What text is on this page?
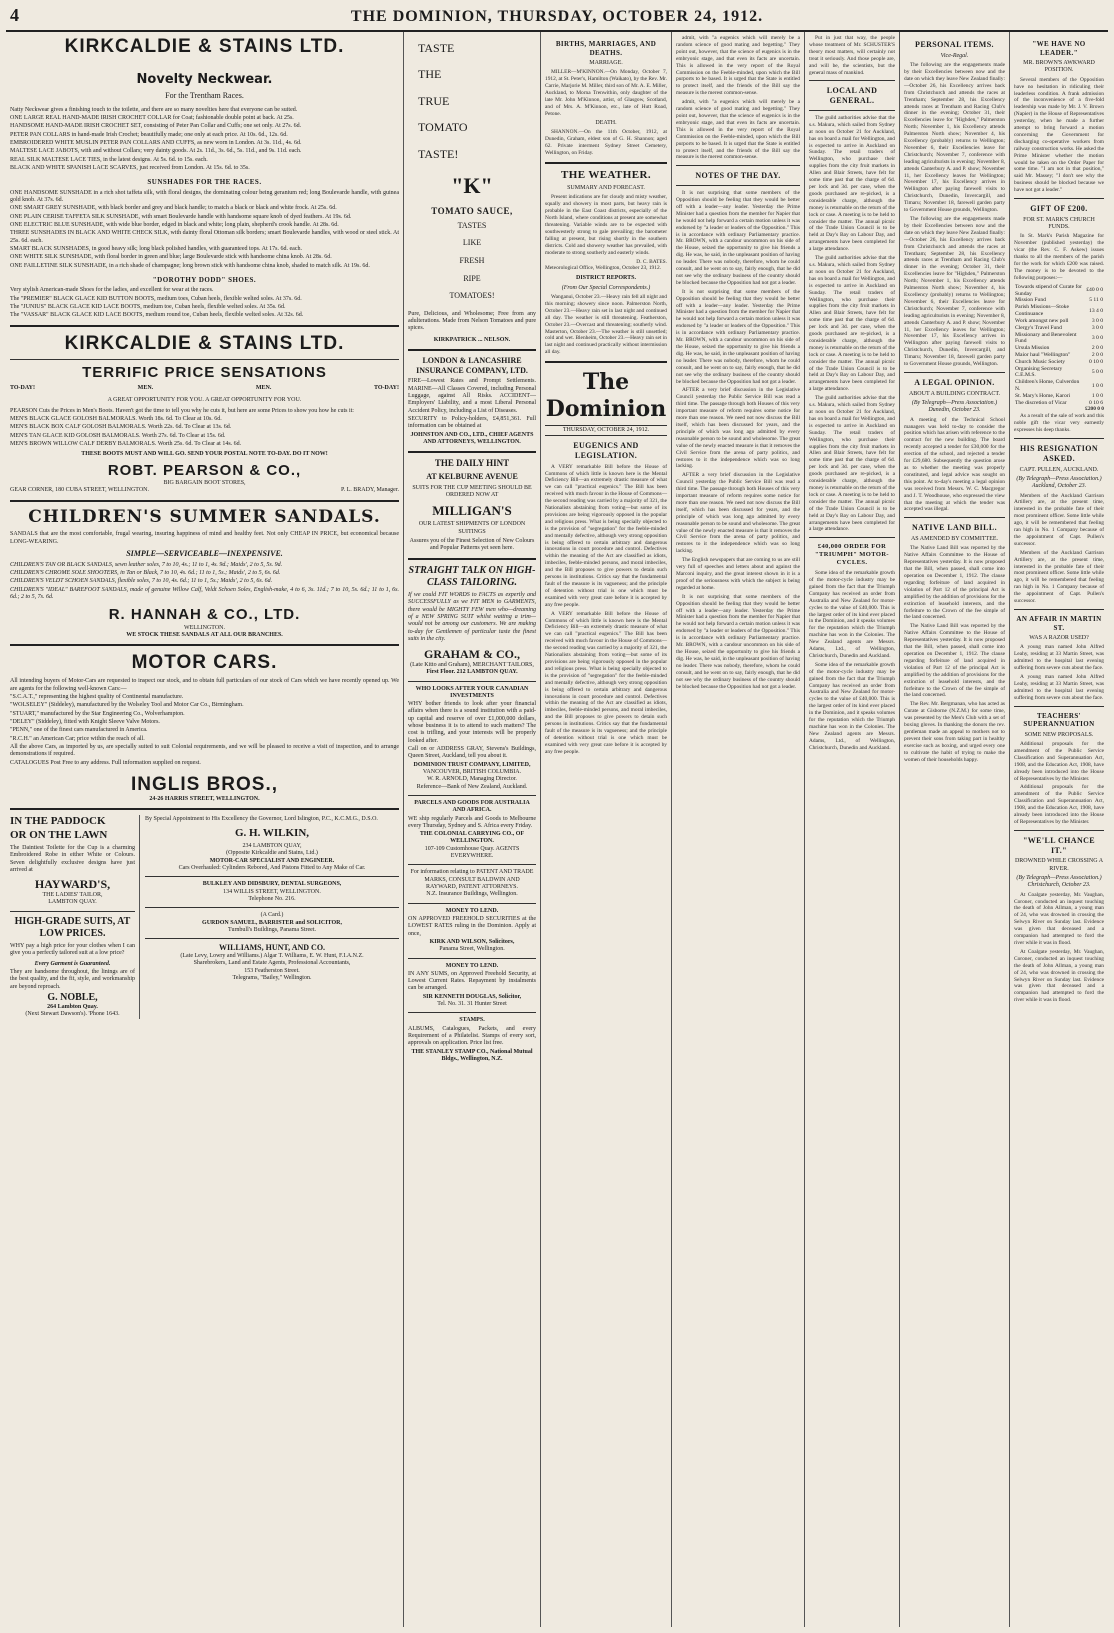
4	THE DOMINION, THURSDAY, OCTOBER 24, 1912.
KIRKCALDIE & STAINS LTD.
Novelty Neckwear.
For the Trentham Races.
Natty Neckwear gives a finishing touch to the toilette, and there are so many novelties here that everyone can be suited.
ONE LARGE REAL HAND-MADE IRISH CROCHET COLLAR for Coat; fashionable double point at back. At 25s.
HANDSOME HAND-MADE IRISH CROCHET SET, consisting of Peter Pan Collar and Cuffs; one set only. At 27s. 6d.
PETER PAN COLLARS in hand-made Irish Crochet; beautifully made; one only at each price. At 10s. 6d., 12s. 6d.
EMBROIDERED WHITE MUSLIN PETER PAN COLLARS AND CUFFS, as new worn in London. At 3s. 11d., 4s. 6d.
MALTESE LACE JABOTS, with and without Collars; very dainty goods. At 2s. 11d., 3s. 6d., 5s. 11d., and 9s. 11d. each.
REAL SILK MALTESE LACE TIES, in the latest designs. At 5s. 6d. to 15s. each.
BLACK AND WHITE SPANISH LACE SCARVES, just received from London. At 15s. 6d. to 35s.
SUNSHADES FOR THE RACES.
ONE HANDSOME SUNSHADE in a rich shot taffeta silk, with floral designs, the dominating colour being geranium red; long Boulevarde handle, with guinea gold knob. At 37s. 6d.
ONE SMART GREY SUNSHADE, with black border and grey and black handle; to match a black or black and white frock. At 25s. 6d.
ONE PLAIN CERISE TAFFETA SILK SUNSHADE, with smart Boulevarde handle with handsome square knob of dyed feathers. At 19s. 6d.
ONE ELECTRIC BLUE SUNSHADE, with wide blue border, edged in black and white; long plain, shepherd's crook handle. At 28s. 6d.
THREE SUNSHADES IN BLACK AND WHITE CHECK SILK, with dainty floral Ottoman silk borders; smart Boulevarde handles, with wood or steel stick. At 25s. 6d. each.
SMART BLACK SUNSHADES, in good heavy silk; long black polished handles, with guaranteed tops. At 17s. 6d. each.
ONE WHITE SILK SUNSHADE, with floral border in green and blue; large Boulevarde stick with handsome china knob. At 28s. 6d.
ONE FAILLETINE SILK SUNSHADE, in a rich shade of champagne; long brown stick with handsome china knob, shaded to match silk. At 19s. 6d.
"DOROTHY DODD" SHOES.
Very stylish American-made Shoes for the ladies, and excellent for wear at the races.
The "PREMIER" BLACK GLACE KID BUTTON BOOTS, medium toes, Cuban heels, flexible welted soles. At 37s. 6d.
The "JUNIUS" BLACK GLACE KID LACE BOOTS, medium toe, Cuban heels, flexible welted soles. At 35s. 6d.
The "VASSAR" BLACK GLACE KID LACE BOOTS, medium round toe, Cuban heels, flexible welted soles. At 32s. 6d.
KIRKCALDIE & STAINS LTD.
TERRIFIC PRICE SENSATIONS
TO-DAY!	MEN.	MEN.	TO-DAY!
A GREAT OPPORTUNITY FOR YOU. A GREAT OPPORTUNITY FOR YOU.
PEARSON Cuts the Prices in Men's Boots. Haven't got the time to tell you why he cuts it, but here are some Prices to show you how he cuts it:
MEN'S BLACK GLACE GOLOSH BALMORALS. Worth 18s. 6d. To Clear at 10s. 6d.
MEN'S BLACK BOX CALF GOLOSH BALMORALS. Worth 22s. 6d. To Clear at 13s. 6d.
MEN'S TAN GLACE KID GOLOSH BALMORALS. Worth 27s. 6d. To Clear at 15s. 6d.
MEN'S BROWN WILLOW CALF DERBY BALMORALS. Worth 25s. 6d. To Clear at 14s. 6d.
THESE BOOTS MUST AND WILL GO. SEND YOUR POSTAL NOTE TO-DAY. DO IT NOW!
ROBT. PEARSON & CO.,
BIG BARGAIN BOOT STORES,
GEAR CORNER, 180 CUBA STREET, WELLINGTON.	P. L. BRADY, Manager.
CHILDREN'S SUMMER SANDALS.
SANDALS that are the most comfortable, frugal wearing, insuring happiness of mind and healthy feet. Not only CHEAP IN PRICE, but economical because LONG-WEARING.
SIMPLE—SERVICEABLE—INEXPENSIVE.
CHILDREN'S TAN OR BLACK SANDALS, sewn leather soles, 7 to 10, 4s.; 11 to 1, 4s. 9d.; Maids', 2 to 5, 5s. 9d.
CHILDREN'S CHROME SOLE SHOOTERS, in Tan or Black, 7 to 10, 4s. 6d.; 11 to 1, 5s.; Maids', 2 to 5, 6s. 6d.
CHILDREN'S VELDT SCHOEN SANDALS, flexible soles, 7 to 10, 4s. 6d.; 11 to 1, 5s.; Maids', 2 to 5, 6s. 6d.
CHILDREN'S "IDEAL" BAREFOOT SANDALS, made of genuine Willow Calf, Veldt Schoen Soles, English-make, 4 to 6, 3s. 11d.; 7 to 10, 5s. 6d.; 11 to 1, 6s. 6d.; 2 to 5, 7s. 6d.
R. HANNAH & CO., LTD.
WELLINGTON.
WE STOCK THESE SANDALS AT ALL OUR BRANCHES.
MOTOR CARS.
All intending buyers of Motor-Cars are requested to inspect our stock, and to obtain full particulars of our stock of Cars which we have recently opened up. We are agents for the following well-known Cars:—
"S.C.A.T.," representing the highest quality of Continental manufacture.
"WOLSELEY" (Siddeley), manufactured by the Wolseley Tool and Motor Car Co., Birmingham.
"STUART," manufactured by the Star Engineering Co., Wolverhampton.
"DELEY" (Siddeley), fitted with Knight Sleeve Valve Motors.
"PENN," one of the finest cars manufactured in America.
"R.C.H." an American Car; price within the reach of all.
All the above Cars, as imported by us, are specially suited to suit Colonial requirements, and we will be pleased to receive a visit of inspection, and to arrange demonstrations if required.
CATALOGUES Post Free to any address. Full information supplied on request.
INGLIS BROS.,
24-26 HARRIS STREET, WELLINGTON.
IN THE PADDOCK
OR ON THE LAWN
The Daintiest Toilette for the Cup is a charming Embroidered Robe in either White or Colours. Seven delightfully exclusive designs have just arrived at
HAYWARD'S,
THE LADIES' TAILOR,
LAMBTON QUAY.
HIGH-GRADE SUITS, AT LOW PRICES.
WHY pay a high price for your clothes when I can give you a perfectly tailored suit at a low price?
Every Garment is Guaranteed.
They are handsome throughout, the linings are of the best quality, and the fit, style, and workmanship are beyond reproach.
G. NOBLE,
264 Lambton Quay.
(Next Stewart Dawson's). 'Phone 1643.
By Special Appointment to His Excellency the Governor, Lord Islington, P.C., K.C.M.G., D.S.O.
G. H. WILKIN,
234 LAMBTON QUAY,
(Opposite Kirkcaldie and Stains, Ltd.)
MOTOR-CAR SPECIALIST AND ENGINEER.
Cars Overhauled: Cylinders Rebored, And Pistons Fitted to Any Make of Car.
BULKLEY AND DIDSBURY, DENTAL SURGEONS,
134 WILLIS STREET, WELLINGTON.
Telephone No. 216.
(A Card.)
GURDON SAMUEL, BARRISTER and SOLICITOR,
Turnbull's Buildings, Panama Street.
WILLIAMS, HUNT, AND CO.
(Late Levy, Lowry and Williams.) Algar T. Williams, E. W. Hunt, F.I.A.N.Z.
Sharebrokers, Land and Estate Agents, Professional Accountants,
153 Featherston Street.
Telegrams, "Bailey," Wellington.
TASTE
THE
TRUE
TOMATO
TASTE!
"K"
TOMATO SAUCE,
TASTES
LIKE
FRESH
RIPE
TOMATOES!
Pure, Delicious, and Wholesome; Free from any adulterations. Made from Nelson Tomatoes and pure spices.
KIRKPATRICK ... NELSON.
LONDON & LANCASHIRE INSURANCE COMPANY, LTD.
FIRE—Lowest Rates and Prompt Settlements. MARINE—All Classes Covered, including Personal Luggage, against All Risks. ACCIDENT—Employers' Liability, and a most Liberal Personal Accident Policy, including a List of Diseases.
SECURITY to Policy-holders, £4,851,361. Full information can be obtained at
JOHNSTON AND CO., LTD., CHIEF AGENTS AND ATTORNEYS, WELLINGTON.
THE DAILY HINT
AT KELBURNE AVENUE
SUITS FOR THE CUP MEETING SHOULD BE ORDERED NOW AT
MILLIGAN'S
OUR LATEST SHIPMENTS OF LONDON SUITINGS
Assures you of the Finest Selection of New Colours and Popular Patterns yet seen here.
STRAIGHT TALK ON HIGH-CLASS TAILORING.
If we could FIT WORDS to FACTS as expertly and SUCCESSFULLY as we FIT MEN to GARMENTS, there would be MIGHTY FEW men who—dreaming of a NEW SPRING SUIT whilst waiting a trim—would not be among our customers. We are making to-day for Gentlemen of particular taste the finest suits in the city.
GRAHAM & CO.,
(Late Kitto and Graham), MERCHANT TAILORS,
First Floor. 212 LAMBTON QUAY.
WHO LOOKS AFTER YOUR CANADIAN INVESTMENTS
WHY bother friends to look after your financial affairs when there is a sound institution with a paid-up capital and reserve of over £1,000,000 dollars, whose business it is to attend to such matters? The cost is trifling, and your interests will be properly looked after.
Call on or ADDRESS GRAY, Stevens's Buildings, Queen Street, Auckland, tell you about it.
DOMINION TRUST COMPANY, LIMITED,
VANCOUVER, BRITISH COLUMBIA.
W. R. ARNOLD, Managing Director.
Reference—Bank of New Zealand, Auckland.
PARCELS AND GOODS FOR AUSTRALIA AND AFRICA.
WE ship regularly Parcels and Goods to Melbourne every Thursday, Sydney and S. Africa every Friday.
THE COLONIAL CARRYING CO., OF WELLINGTON.
107-109 Customhouse Quay. AGENTS EVERYWHERE.
For information relating to PATENT AND TRADE MARKS, CONSULT BALDWIN AND RAYWARD, PATENT ATTORNEYS.
N.Z. Insurance Buildings, Wellington.
MONEY TO LEND.
ON APPROVED FREEHOLD SECURITIES at the LOWEST RATES ruling in the Dominion. Apply at once,
KIRK AND WILSON, Solicitors,
Panama Street, Wellington.
MONEY TO LEND.
IN ANY SUMS, on Approved Freehold Security, at Lowest Current Rates. Repayment by instalments can be arranged.
SIR KENNETH DOUGLAS, Solicitor,
Tel. No. 31. 31 Hunter Street
STAMPS.
ALBUMS, Catalogues, Packets, and every Requirement of a Philatelist. Stamps of every sort, approvals on application. Price list free.
THE STANLEY STAMP CO., National Mutual Bldgs., Wellington, N.Z.
BIRTHS, MARRIAGES, AND DEATHS.
MARRIAGE.
MILLER—M'KINNON.—On Monday, October 7, 1912, at St. Peter's, Hamilton (Waikato), by the Rev. Mr. Carrie, Marjorie M. Miller, third son of Mr. A. E. Miller, Auckland, to Morna Trenwithin, only daughter of the late Mr. John M'Kinnon, artist, of Glasgow, Scotland, and of Mrs. A. M'Kinnon, etc., late of Hutt Road, Petone.
DEATH.
SHANNON.—On the 11th October, 1912, at Dunedin, Graham, eldest son of G. H. Shannon; aged 62. Private interment Sydney Street Cemetery, Wellington, on Friday.
THE WEATHER.
SUMMARY AND FORECAST.
Present indications are for cloudy and misty weather, squally and showery in most parts, but heavy rain is probable in the East Coast districts, especially of the North Island, where conditions at present are somewhat threatening. Variable winds are to be expected with southwesterly strong to gale prevailing; the barometer falling at present, but rising shortly in the southern districts. Cold and showery weather has prevailed, with moderate to strong southerly and easterly winds.
D. C. BATES.
Meteorological Office, Wellington, October 23, 1912.
DISTRICT REPORTS.
(From Our Special Correspondents.)
Wanganui, October 23.—Heavy rain fell all night and this morning; showery since noon. Palmerston North, October 23.—Heavy rain set in last night and continued all day. The weather is still threatening. Featherston, October 23.—Overcast and threatening; southerly wind. Masterton, October 23.—The weather is still unsettled; cold and wet. Blenheim, October 23.—Heavy rain set in last night and continued practically without intermission all day.
The Dominion
THURSDAY, OCTOBER 24, 1912.
EUGENICS AND LEGISLATION.
A VERY remarkable Bill before the House of Commons of which little is known here is the Mental Deficiency Bill—an extremely drastic measure of what we can call "practical eugenics." The Bill has been received with much favour in the House of Commons—the second reading was carried by a majority of 321, the Nationalists abstaining from voting—but some of its provisions are being vigorously opposed in the popular and religious press. What is being specially objected to is the provision of "segregation" for the feeble-minded and mentally defective, although very strong opposition is being offered to certain arbitrary and dangerous innovations in court procedure and control. Defectives within the meaning of the Act are classified as idiots, imbeciles, feeble-minded persons, and moral imbeciles, and the Bill proposes to give powers to detain such persons in institutions. Critics say that the fundamental fault of the measure is its vagueness; and the principle of detention without trial is one which must be examined with very great care before it is accepted by any free people.
A VERY remarkable Bill before the House of Commons of which little is known here is the Mental Deficiency Bill—an extremely drastic measure of what we can call "practical eugenics." The Bill has been received with much favour in the House of Commons—the second reading was carried by a majority of 321, the Nationalists abstaining from voting—but some of its provisions are being vigorously opposed in the popular and religious press. What is being specially objected to is the provision of "segregation" for the feeble-minded and mentally defective, although very strong opposition is being offered to certain arbitrary and dangerous innovations in court procedure and control. Defectives within the meaning of the Act are classified as idiots, imbeciles, feeble-minded persons, and moral imbeciles, and the Bill proposes to give powers to detain such persons in institutions. Critics say that the fundamental fault of the measure is its vagueness; and the principle of detention without trial is one which must be examined with very great care before it is accepted by any free people.
admit, with "a eugenics which will merely be a random science of good mating and begetting." They point out, however, that the science of eugenics is in the embryonic stage, and that even its facts are uncertain. This is allowed in the very report of the Royal Commission on the Feeble-minded, upon which the Bill purports to be based. It is urged that the State is entitled to protect itself, and the friends of the Bill say the measure is the merest common-sense.
admit, with "a eugenics which will merely be a random science of good mating and begetting." They point out, however, that the science of eugenics is in the embryonic stage, and that even its facts are uncertain. This is allowed in the very report of the Royal Commission on the Feeble-minded, upon which the Bill purports to be based. It is urged that the State is entitled to protect itself, and the friends of the Bill say the measure is the merest common-sense.
NOTES OF THE DAY.
It is not surprising that some members of the Opposition should be feeling that they would be better off with a leader—any leader. Yesterday the Prime Minister had a question from the member for Napier that he would not help forward a certain motion unless it was endorsed by "a leader or leaders of the Opposition." This is in accordance with ordinary Parliamentary practice. Mr. BROWN, with a candour uncommon on his side of the House, seized the opportunity to give his friends a dig. He was, he said, in the unpleasant position of having no leader. There was nobody, therefore, whom he could consult, and he went on to say, fairly enough, that he did not see why the ordinary business of the country should be blocked because the Opposition had not got a leader.
It is not surprising that some members of the Opposition should be feeling that they would be better off with a leader—any leader. Yesterday the Prime Minister had a question from the member for Napier that he would not help forward a certain motion unless it was endorsed by "a leader or leaders of the Opposition." This is in accordance with ordinary Parliamentary practice. Mr. BROWN, with a candour uncommon on his side of the House, seized the opportunity to give his friends a dig. He was, he said, in the unpleasant position of having no leader. There was nobody, therefore, whom he could consult, and he went on to say, fairly enough, that he did not see why the ordinary business of the country should be blocked because the Opposition had not got a leader.
AFTER a very brief discussion in the Legislative Council yesterday the Public Service Bill was read a third time. The passage through both Houses of this very important measure of reform requires some notice for more than one reason. We need not now discuss the Bill itself, which has been discussed for years, and the principle of which was long ago admitted by every reasonable person to be sound and wholesome. The great value of the newly enacted measure is that it removes the Civil Service from the arena of party politics, and restores to it the independence which was so long lacking.
AFTER a very brief discussion in the Legislative Council yesterday the Public Service Bill was read a third time. The passage through both Houses of this very important measure of reform requires some notice for more than one reason. We need not now discuss the Bill itself, which has been discussed for years, and the principle of which was long ago admitted by every reasonable person to be sound and wholesome. The great value of the newly enacted measure is that it removes the Civil Service from the arena of party politics, and restores to it the independence which was so long lacking.
The English newspapers that are coming to us are still very full of speeches and letters about and against the Marconi inquiry, and the great interest shown in it is a proof of the seriousness with which the subject is being regarded at home.
It is not surprising that some members of the Opposition should be feeling that they would be better off with a leader—any leader. Yesterday the Prime Minister had a question from the member for Napier that he would not help forward a certain motion unless it was endorsed by "a leader or leaders of the Opposition." This is in accordance with ordinary Parliamentary practice. Mr. BROWN, with a candour uncommon on his side of the House, seized the opportunity to give his friends a dig. He was, he said, in the unpleasant position of having no leader. There was nobody, therefore, whom he could consult, and he went on to say, fairly enough, that he did not see why the ordinary business of the country should be blocked because the Opposition had not got a leader.
Put in just that way, the people whose treatment of Mr. SCHUSTER'S theory most matters, will certainly not treat it seriously. And those people are, and will be, the scientists, but the general mass of mankind.
LOCAL AND GENERAL.
The guild authorities advise that the s.s. Makura, which sailed from Sydney at noon on October 21 for Auckland, has on board a mail for Wellington, and is expected to arrive in Auckland on Sunday. The retail traders of Wellington, who purchase their supplies from the city fruit markets in Allen and Blair Streets, have felt for some time past that the charge of 6d. per lock and 3d. per case, when the goods purchased are re-picked, is a considerable charge, although the money is returnable on the return of the lock or case. A meeting is to be held to consider the matter. The annual picnic of the Trade Union Council is to be held at Day's Bay on Labour Day, and arrangements have been completed for a large attendance.
The guild authorities advise that the s.s. Makura, which sailed from Sydney at noon on October 21 for Auckland, has on board a mail for Wellington, and is expected to arrive in Auckland on Sunday. The retail traders of Wellington, who purchase their supplies from the city fruit markets in Allen and Blair Streets, have felt for some time past that the charge of 6d. per lock and 3d. per case, when the goods purchased are re-picked, is a considerable charge, although the money is returnable on the return of the lock or case. A meeting is to be held to consider the matter. The annual picnic of the Trade Union Council is to be held at Day's Bay on Labour Day, and arrangements have been completed for a large attendance.
The guild authorities advise that the s.s. Makura, which sailed from Sydney at noon on October 21 for Auckland, has on board a mail for Wellington, and is expected to arrive in Auckland on Sunday. The retail traders of Wellington, who purchase their supplies from the city fruit markets in Allen and Blair Streets, have felt for some time past that the charge of 6d. per lock and 3d. per case, when the goods purchased are re-picked, is a considerable charge, although the money is returnable on the return of the lock or case. A meeting is to be held to consider the matter. The annual picnic of the Trade Union Council is to be held at Day's Bay on Labour Day, and arrangements have been completed for a large attendance.
£40,000 ORDER FOR "TRIUMPH" MOTOR-CYCLES.
Some idea of the remarkable growth of the motor-cycle industry may be gained from the fact that the Triumph Company has received an order from Australia and New Zealand for motor-cycles to the value of £40,000. This is the largest order of its kind ever placed in the Dominion, and it speaks volumes for the reputation which the Triumph machine has won in the Colonies. The New Zealand agents are Messrs. Adams, Ltd., of Wellington, Christchurch, Dunedin and Auckland.
Some idea of the remarkable growth of the motor-cycle industry may be gained from the fact that the Triumph Company has received an order from Australia and New Zealand for motor-cycles to the value of £40,000. This is the largest order of its kind ever placed in the Dominion, and it speaks volumes for the reputation which the Triumph machine has won in the Colonies. The New Zealand agents are Messrs. Adams, Ltd., of Wellington, Christchurch, Dunedin and Auckland.
PERSONAL ITEMS.
Vice-Regal.
The following are the engagements made by their Excellencies between now and the date on which they leave New Zealand finally:—October 26, his Excellency arrives back from Christchurch and attends the races at Trentham; September 28, his Excellency attends races at Trentham and Racing Club's dinner in the evening; October 31, their Excellencies leave for "Highden," Palmerston North; November 1, his Excellency attends Palmerston North show; November 4, his Excellency (probably) returns to Wellington; November 6, their Excellencies leave for Christchurch; November 7, conference with leading agriculturists in evening; November 8, attends Canterbury A. and P. show; November 11, her Excellency leaves for Wellington; November 17, his Excellency arrives in Wellington after paying farewell visits to Christchurch, Dunedin, Invercargill, and Timaru; November 18, farewell garden party to Government House grounds, Wellington.
The following are the engagements made by their Excellencies between now and the date on which they leave New Zealand finally:—October 26, his Excellency arrives back from Christchurch and attends the races at Trentham; September 28, his Excellency attends races at Trentham and Racing Club's dinner in the evening; October 31, their Excellencies leave for "Highden," Palmerston North; November 1, his Excellency attends Palmerston North show; November 4, his Excellency (probably) returns to Wellington; November 6, their Excellencies leave for Christchurch; November 7, conference with leading agriculturists in evening; November 8, attends Canterbury A. and P. show; November 11, her Excellency leaves for Wellington; November 17, his Excellency arrives in Wellington after paying farewell visits to Christchurch, Dunedin, Invercargill, and Timaru; November 18, farewell garden party to Government House grounds, Wellington.
A LEGAL OPINION.
ABOUT A BUILDING CONTRACT.
(By Telegraph—Press Association.) Dunedin, October 23.
A meeting of the Technical School managers was held to-day to consider the position which has arisen with reference to the contract for the new building. The board recently accepted a tender for £30,000 for the erection of the school, and rejected a tender for £29,680. Subsequently the question arose as to whether the meeting was properly constituted, and legal advice was sought on this point. At to-day's meeting a legal opinion was received from Messrs. W. C. Macgregor and J. T. Woodhouse, who expressed the view that the meeting at which the tender was accepted was illegal.
NATIVE LAND BILL.
AS AMENDED BY COMMITTEE.
The Native Land Bill was reported by the Native Affairs Committee to the House of Representatives yesterday. It is now proposed that the Bill, when passed, shall come into operation on December 1, 1912. The clause regarding forfeiture of land acquired in violation of Part 12 of the principal Act is amplified by the addition of provisions for the extinction of leasehold interests, and the forfeiture to the Crown of the fee simple of the land concerned.
The Native Land Bill was reported by the Native Affairs Committee to the House of Representatives yesterday. It is now proposed that the Bill, when passed, shall come into operation on December 1, 1912. The clause regarding forfeiture of land acquired in violation of Part 12 of the principal Act is amplified by the addition of provisions for the extinction of leasehold interests, and the forfeiture to the Crown of the fee simple of the land concerned.
The Rev. Mr. Bergmanan, who has acted as Curate at Gisborne (N.Z.M.) for some time, was presented by the Men's Club with a set of boxing gloves. In thanking the donors the rev. gentleman made an appeal to mothers not to prevent their sons from taking part in healthy exercise such as boxing, and urged every one to cultivate the habit of trying to make the women of their households happy.
"WE HAVE NO LEADER."
MR. BROWN'S AWKWARD POSITION.
Several members of the Opposition have no hesitation in ridiculing their leaderless condition. A frank admission of the inconvenience of a five-fold leadership was made by Mr. J. V. Brown (Napier) in the House of Representatives yesterday, when he made a further attempt to bring forward a motion concerning the Government for discharging co-operative workers from railway construction works. He asked the Prime Minister whether the motion would be taken on the Order Paper for some time. "I am not in that position," said Mr. Massey; "I don't see why the business should be blocked because we have not got a leader."
GIFT OF £200.
FOR ST. MARK'S CHURCH FUNDS.
In St. Mark's Parish Magazine for November (published yesterday) the vicar (the Rev. C. F. Askew) issues thanks to all the members of the parish for the work for which £200 was raised. The money is to be devoted to the following purposes:—
Towards stipend of Curate for Sunday	£40 0 0
Mission Fund	5 11 0
Parish Missions—Stoke Continuance	13 4 0
Work amongst new poll	3 0 0
Clergy's Travel Fund	3 0 0
Missionary and Benevolent Fund	3 0 0
Ursula Mission	2 0 0
Maior haul "Wellington"	2 0 0
Church Music Society	0 10 0
Organising Secretary C.E.M.S.	5 0 0
Children's Home, Culverdon N.	1 0 0
St. Mary's Home, Karori	1 0 0
The discretion of Vicar	0 10 6
£200 0 0
As a result of the sale of work and this noble gift the vicar very earnestly expresses his deep thanks.
HIS RESIGNATION ASKED.
CAPT. PULLEN, AUCKLAND.
(By Telegraph—Press Association.) Auckland, October 23.
Members of the Auckland Garrison Artillery are, at the present time, interested in the probable fate of their most prominent officer. Some little while ago, it will be remembered that feeling ran high in No. 1 Company because of the appointment of Capt. Pullen's successor.
Members of the Auckland Garrison Artillery are, at the present time, interested in the probable fate of their most prominent officer. Some little while ago, it will be remembered that feeling ran high in No. 1 Company because of the appointment of Capt. Pullen's successor.
AN AFFAIR IN MARTIN ST.
WAS A RAZOR USED?
A young man named John Alfred Leahy, residing at 33 Martin Street, was admitted to the hospital last evening suffering from severe cuts about the face.
A young man named John Alfred Leahy, residing at 33 Martin Street, was admitted to the hospital last evening suffering from severe cuts about the face.
TEACHERS' SUPERANNUATION
SOME NEW PROPOSALS.
Additional proposals for the amendment of the Public Service Classification and Superannuation Act, 1908, and the Education Act, 1908, have already been introduced into the House of Representatives by the Minister.
Additional proposals for the amendment of the Public Service Classification and Superannuation Act, 1908, and the Education Act, 1908, have already been introduced into the House of Representatives by the Minister.
"WE'LL CHANCE IT."
DROWNED WHILE CROSSING A RIVER.
(By Telegraph—Press Association.) Christchurch, October 23.
At Coalgate yesterday, Mr. Vaughan, Coroner, conducted an inquest touching the death of John Allman, a young man of 24, who was drowned in crossing the Selwyn River on Sunday last. Evidence was given that deceased and a companion had attempted to ford the river while it was in flood.
At Coalgate yesterday, Mr. Vaughan, Coroner, conducted an inquest touching the death of John Allman, a young man of 24, who was drowned in crossing the Selwyn River on Sunday last. Evidence was given that deceased and a companion had attempted to ford the river while it was in flood.
